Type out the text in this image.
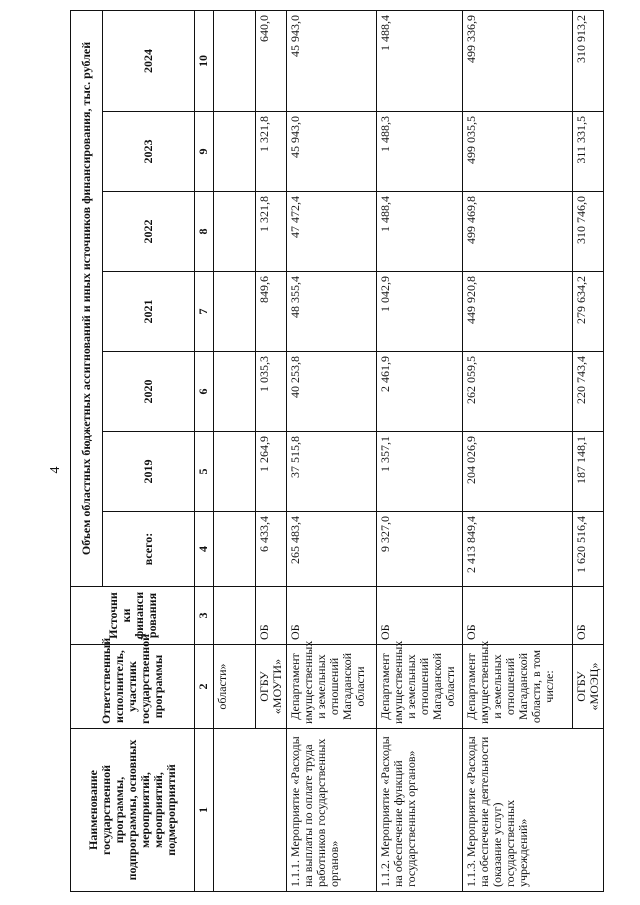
4
Наименование государственной программы, подпрограммы, основных мероприятий, мероприятий, подмероприятий	Ответственный исполнитель, участник государственной программы	Источни ки финанси рования	Объем областных бюджетных ассигнований и иных источников финансирования, тыс. рублей						
			всего:	2019	2020	2021	2022	2023	2024
1	2	3	4	5	6	7	8	9	10
	области»								
	ОГБУ «МОУТИ»	ОБ	6 433,4	1 264,9	1 035,3	849,6	1 321,8	1 321,8	640,0
1.1.1. Мероприятие «Расходы на выплаты по оплате труда работников государственных органов»	Департамент имущественных и земельных отношений Магаданской области	ОБ	265 483,4	37 515,8	40 253,8	48 355,4	47 472,4	45 943,0	45 943,0
1.1.2. Мероприятие «Расходы на обеспечение функций государственных органов»	Департамент имущественных и земельных отношений Магаданской области	ОБ	9 327,0	1 357,1	2 461,9	1 042,9	1 488,4	1 488,3	1 488,4
1.1.3. Мероприятие «Расходы на обеспечение деятельности (оказание услуг) государственных учреждений»	Департамент имущественных и земельных отношений Магаданской области, в том числе:	ОБ	2 413 849,4	204 026,9	262 059,5	449 920,8	499 469,8	499 035,5	499 336,9
	ОГБУ «МОЭЦ»	ОБ	1 620 516,4	187 148,1	220 743,4	279 634,2	310 746,0	311 331,5	310 913,2
